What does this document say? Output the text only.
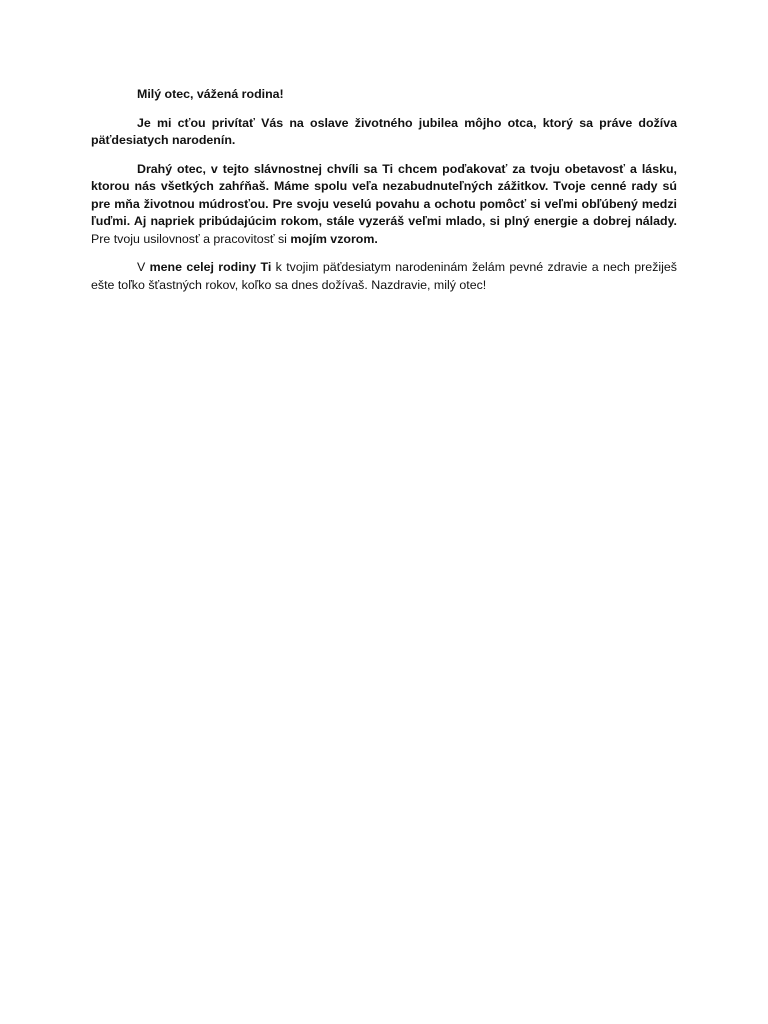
Milý otec, vážená rodina!

Je mi cťou privítať Vás na oslave životného jubilea môjho otca, ktorý sa práve dožíva päťdesiatych narodenín.

Drahý otec, v tejto slávnostnej chvíli sa Ti chcem poďakovať za tvoju obetavosť a lásku, ktorou nás všetkých zahŕňaš. Máme spolu veľa nezabudnuteľných zážitkov. Tvoje cenné rady sú pre mňa životnou múdrosťou. Pre svoju veselú povahu a ochotu pomôcť si veľmi obľúbený medzi ľuďmi. Aj napriek pribúdajúcim rokom, stále vyzeráš veľmi mlado, si plný energie a dobrej nálady. Pre tvoju usilovnosť a pracovitosť si mojím vzorom.

V mene celej rodiny Ti k tvojim päťdesiatym narodeninám želám pevné zdravie a nech prežiješ ešte toľko šťastných rokov, koľko sa dnes dožívaš. Nazdravie, milý otec!
